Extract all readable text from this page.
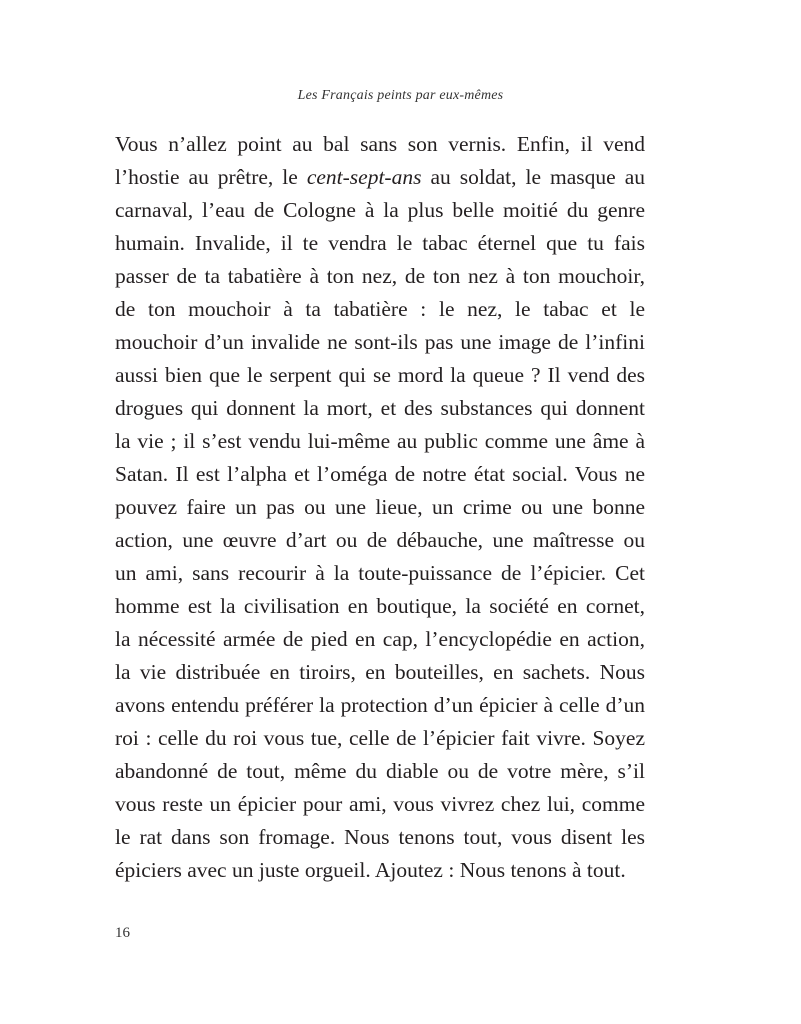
Les Français peints par eux-mêmes
Vous n’allez point au bal sans son vernis. Enfin, il vend
l’hostie au prêtre, le cent-sept-ans au soldat, le masque au
carnaval, l’eau de Cologne à la plus belle moitié du genre
humain. Invalide, il te vendra le tabac éternel que tu fais
passer de ta tabatière à ton nez, de ton nez à ton mouchoir,
de ton mouchoir à ta tabatière : le nez, le tabac et le
mouchoir d’un invalide ne sont-ils pas une image de l’infini
aussi bien que le serpent qui se mord la queue ? Il vend des
drogues qui donnent la mort, et des substances qui donnent
la vie ; il s’est vendu lui-même au public comme une âme à
Satan. Il est l’alpha et l’oméga de notre état social. Vous ne
pouvez faire un pas ou une lieue, un crime ou une bonne
action, une œuvre d’art ou de débauche, une maîtresse ou
un ami, sans recourir à la toute-puissance de l’épicier. Cet
homme est la civilisation en boutique, la société en cornet,
la nécessité armée de pied en cap, l’encyclopédie en action,
la vie distribuée en tiroirs, en bouteilles, en sachets. Nous
avons entendu préférer la protection d’un épicier à celle d’un
roi : celle du roi vous tue, celle de l’épicier fait vivre. Soyez
abandonné de tout, même du diable ou de votre mère, s’il
vous reste un épicier pour ami, vous vivrez chez lui, comme
le rat dans son fromage. Nous tenons tout, vous disent les
épiciers avec un juste orgueil. Ajoutez : Nous tenons à tout.
16
